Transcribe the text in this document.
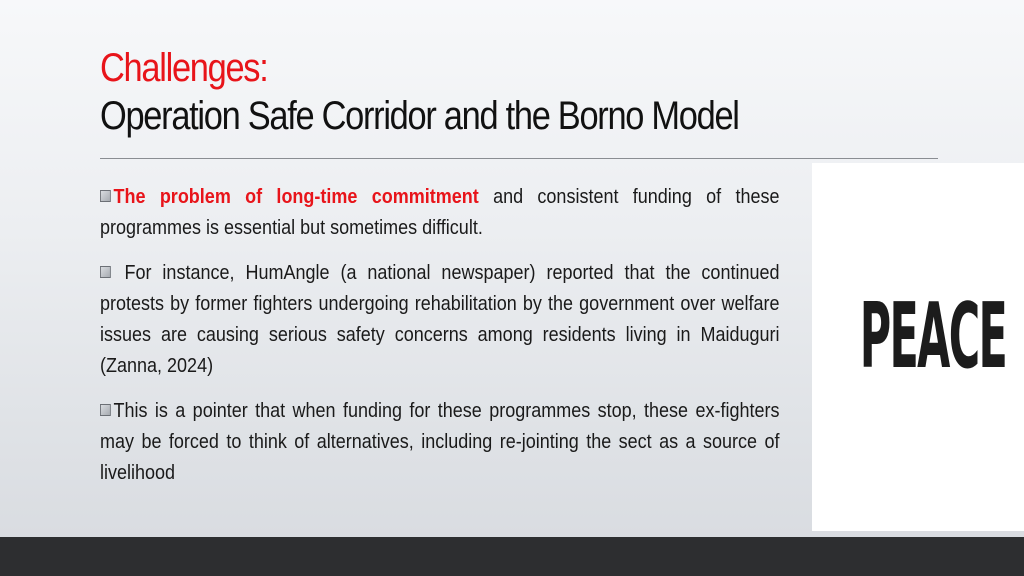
Challenges:
Operation Safe Corridor and the Borno Model

The problem of long-time commitment and consistent funding of these programmes is essential but sometimes difficult.

For instance, HumAngle (a national newspaper) reported that the continued protests by former fighters undergoing rehabilitation by the government over welfare issues are causing serious safety concerns among residents living in Maiduguri (Zanna, 2024)

This is a pointer that when funding for these programmes stop, these ex-fighters may be forced to think of alternatives, including re-jointing the sect as a source of livelihood

PEACE
